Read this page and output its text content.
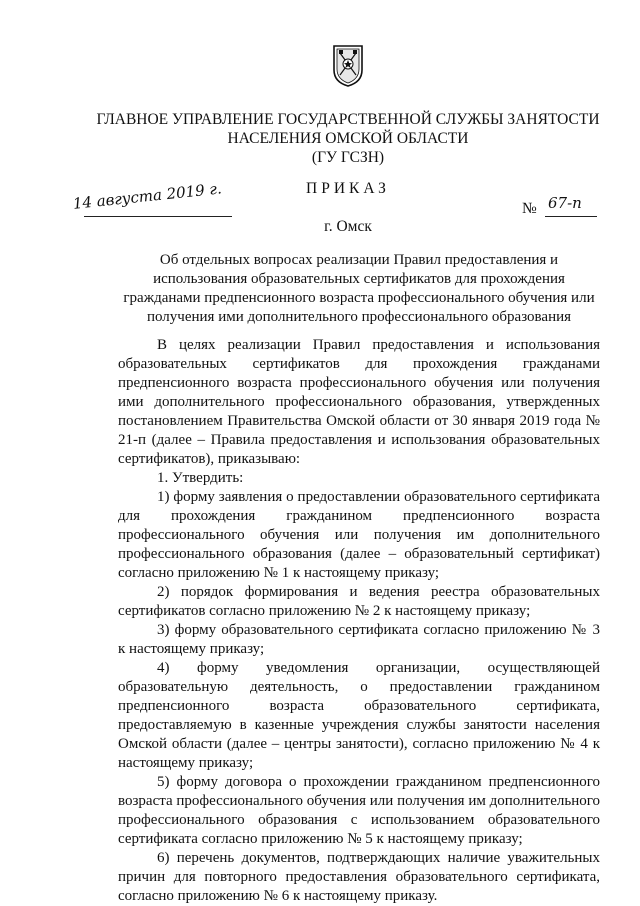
ГЛАВНОЕ УПРАВЛЕНИЕ ГОСУДАРСТВЕННОЙ СЛУЖБЫ ЗАНЯТОСТИ
НАСЕЛЕНИЯ ОМСКОЙ ОБЛАСТИ
(ГУ ГСЗН)
ПРИКАЗ
14 августа 2019 г.	№ 67-п
г. Омск
Об отдельных вопросах реализации Правил предоставления и использования образовательных сертификатов для прохождения гражданами предпенсионного возраста профессионального обучения или получения ими дополнительного профессионального образования

В целях реализации Правил предоставления и использования образовательных сертификатов для прохождения гражданами предпенсионного возраста профессионального обучения или получения ими дополнительного профессионального образования, утвержденных постановлением Правительства Омской области от 30 января 2019 года № 21-п (далее – Правила предоставления и использования образовательных сертификатов), приказываю:

1. Утвердить:

1) форму заявления о предоставлении образовательного сертификата для прохождения гражданином предпенсионного возраста профессионального обучения или получения им дополнительного профессионального образования (далее – образовательный сертификат) согласно приложению № 1 к настоящему приказу;

2) порядок формирования и ведения реестра образовательных сертификатов согласно приложению № 2 к настоящему приказу;

3) форму образовательного сертификата согласно приложению № 3 к настоящему приказу;

4) форму уведомления организации, осуществляющей образовательную деятельность, о предоставлении гражданином предпенсионного возраста образовательного сертификата, предоставляемую в казенные учреждения службы занятости населения Омской области (далее – центры занятости), согласно приложению № 4 к настоящему приказу;

5) форму договора о прохождении гражданином предпенсионного возраста профессионального обучения или получения им дополнительного профессионального образования с использованием образовательного сертификата согласно приложению № 5 к настоящему приказу;

6) перечень документов, подтверждающих наличие уважительных причин для повторного предоставления образовательного сертификата, согласно приложению № 6 к настоящему приказу.
